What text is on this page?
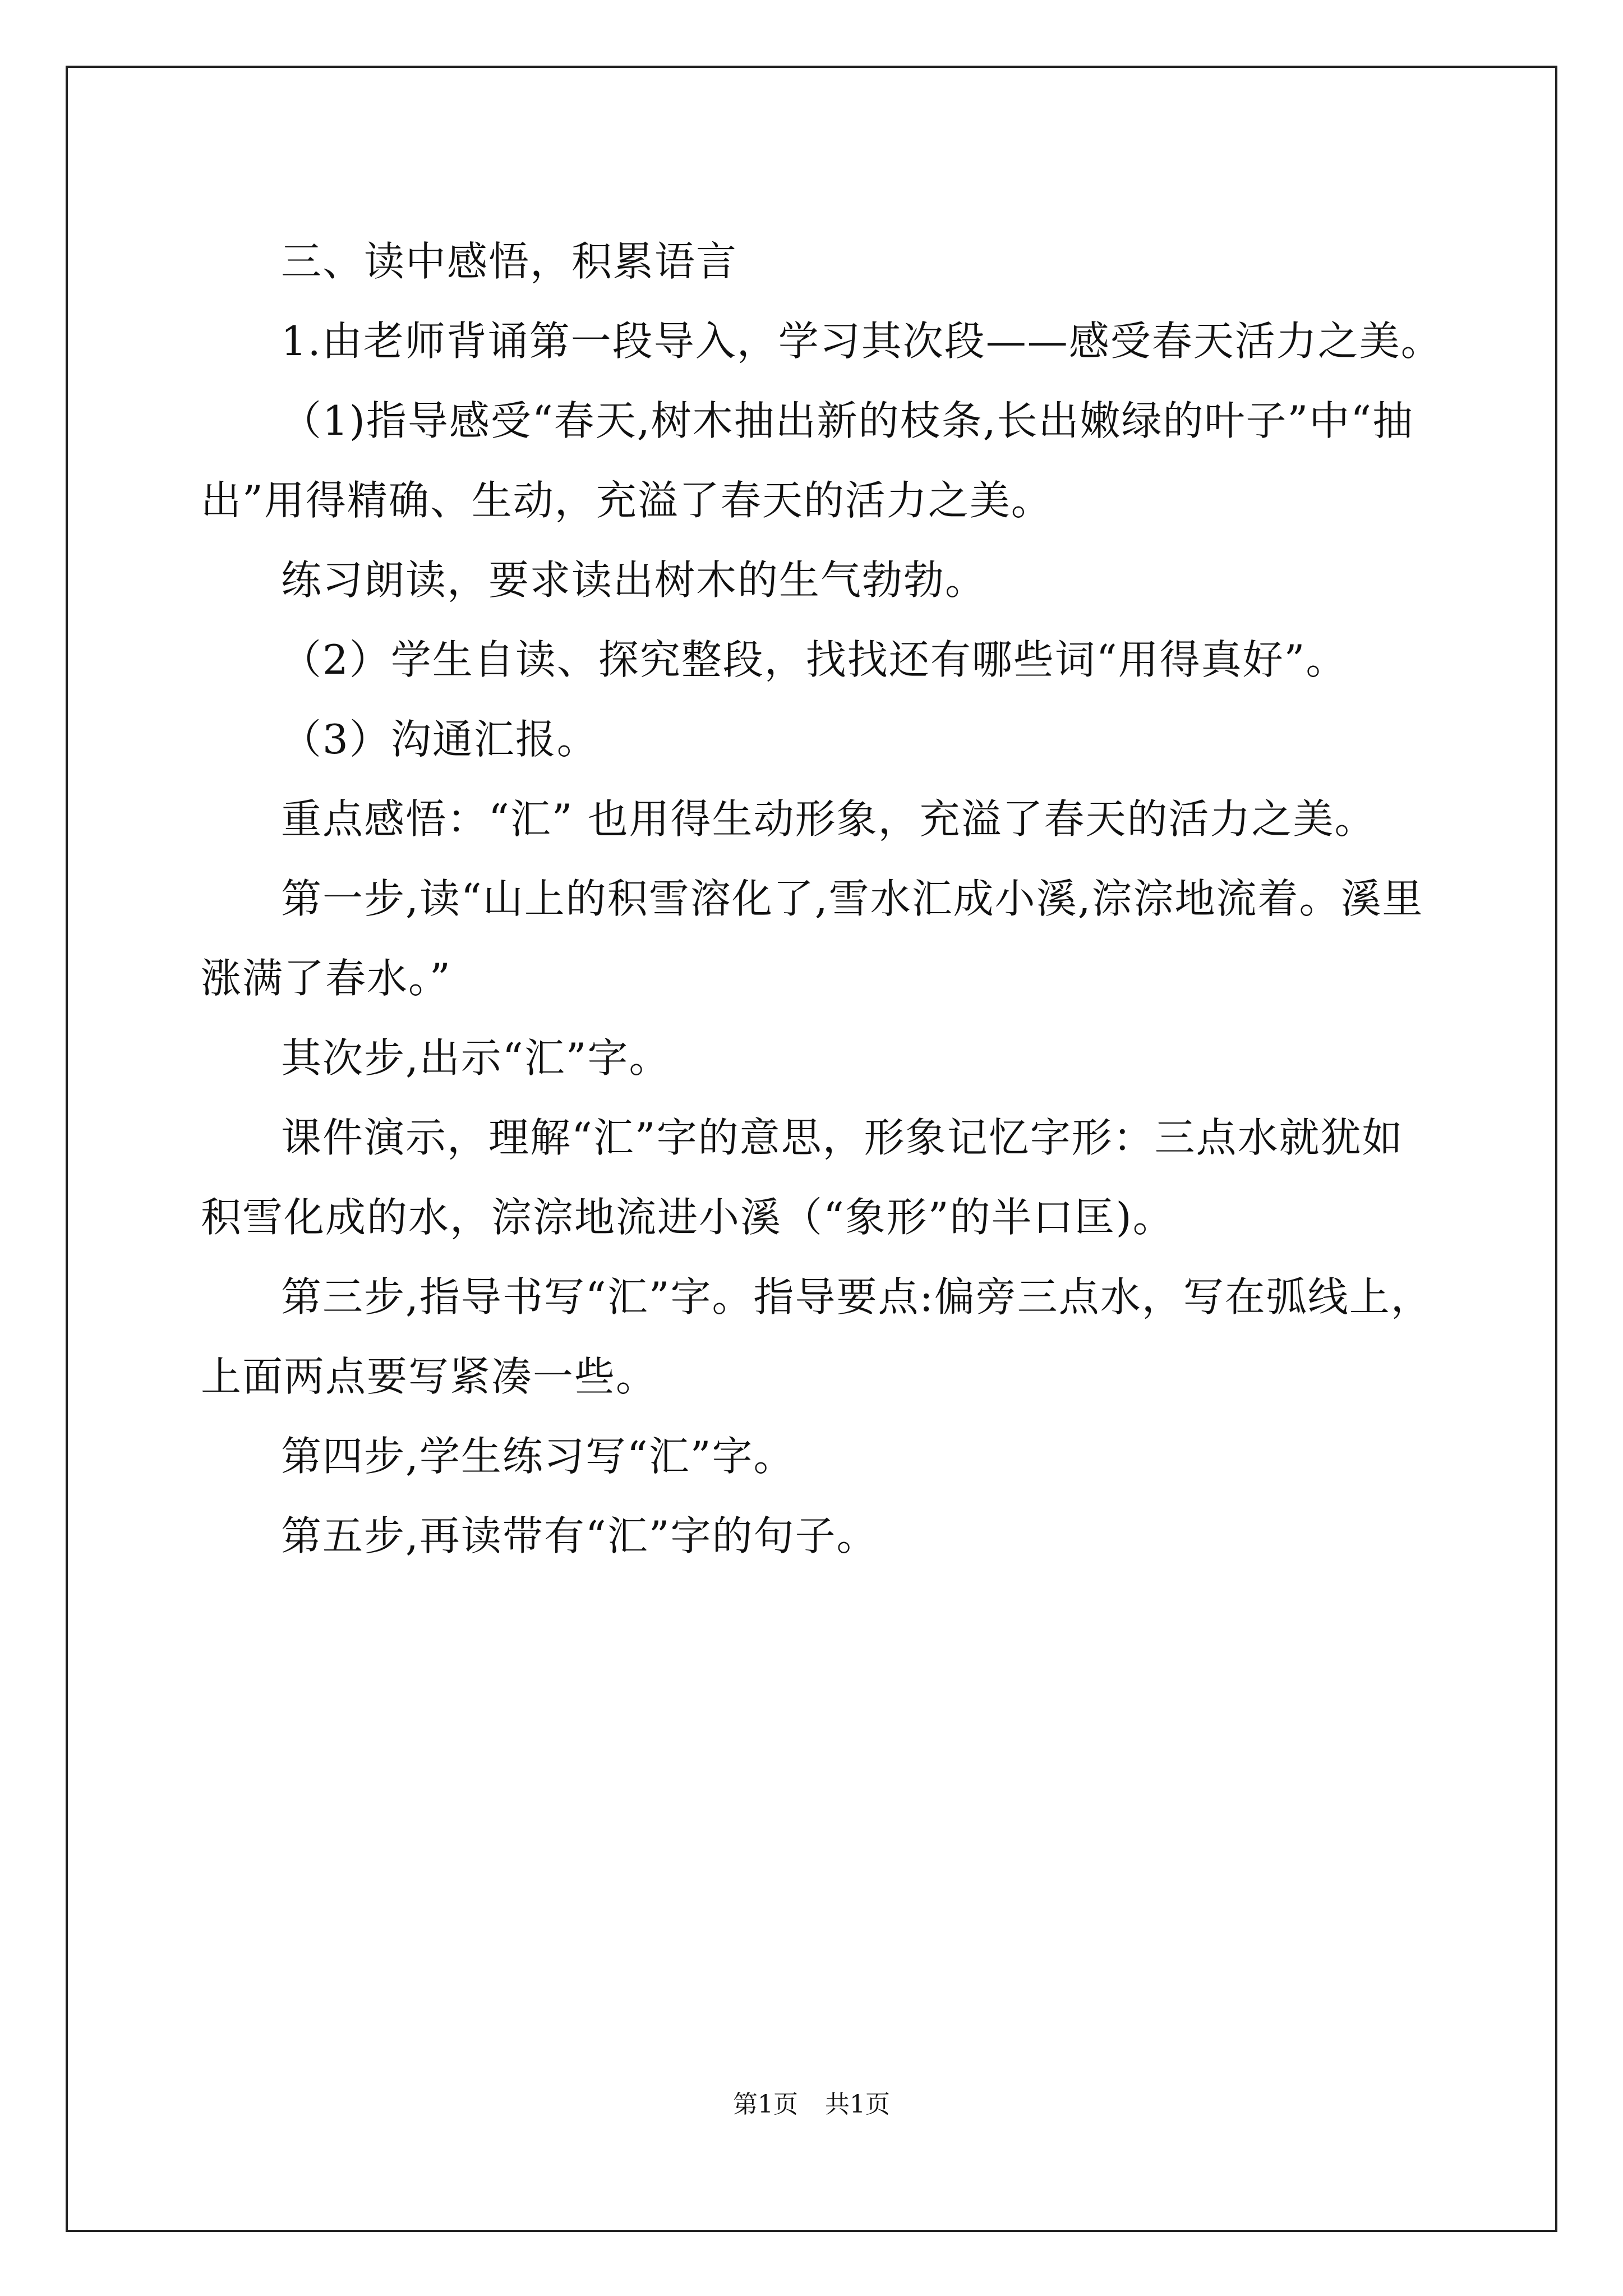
三、读中感悟，积累语言

1.由老师背诵第一段导入，学习其次段——感受春天活力之美。

（1)指导感受“春天,树木抽出新的枝条,长出嫩绿的叶子”中“抽

出”用得精确、生动，充溢了春天的活力之美。

练习朗读，要求读出树木的生气勃勃。

（2）学生自读、探究整段，找找还有哪些词“用得真好”。

（3）沟通汇报。

重点感悟：“汇” 也用得生动形象，充溢了春天的活力之美。

第一步,读“山上的积雪溶化了,雪水汇成小溪,淙淙地流着。溪里

涨满了春水。”

其次步,出示“汇”字。

课件演示，理解“汇”字的意思，形象记忆字形：三点水就犹如

积雪化成的水，淙淙地流进小溪（“象形”的半口匡)。

第三步,指导书写“汇”字。指导要点:偏旁三点水，写在弧线上，

上面两点要写紧凑一些。

第四步,学生练习写“汇”字。

第五步,再读带有“汇”字的句子。

第1页 共1页
